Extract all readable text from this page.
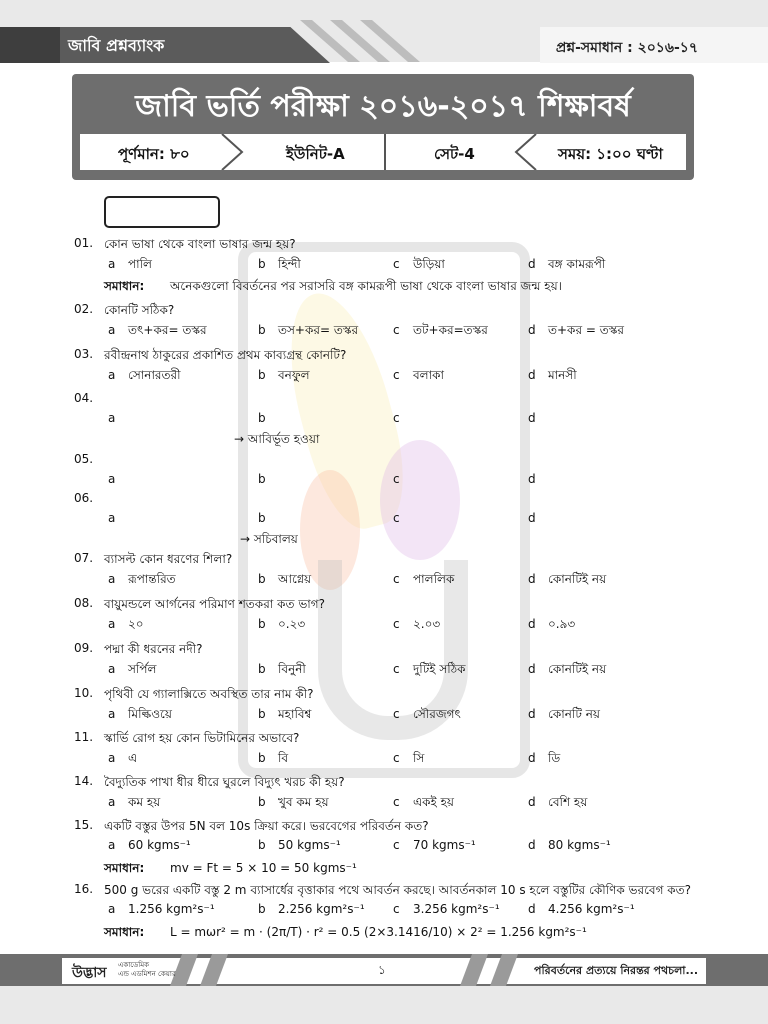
জাবি প্রশ্নব্যাংক	প্রশ্ন-সমাধান : ২০১৬-১৭
জাবি ভর্তি পরীক্ষা ২০১৬-২০১৭ শিক্ষাবর্ষ
পূর্ণমান: ৮০	ইউনিট-A	সেট-4	সময়: ১:০০ ঘণ্টা
01. কোন ভাষা থেকে বাংলা ভাষার জন্ম হয়?
a পালি	b হিন্দী	c উড়িয়া	d বঙ্গ কামরূপী
সমাধান: অনেকগুলো বিবর্তনের পর সরাসরি বঙ্গ কামরূপী ভাষা থেকে বাংলা ভাষার জন্ম হয়।
02. কোনটি সঠিক?
a তৎ+কর= তস্কর	b তস+কর= তস্কর	c তট+কর=তস্কর	d ত+কর = তস্কর
03. রবীন্দ্রনাথ ঠাকুরের প্রকাশিত প্রথম কাব্যগ্রন্থ কোনটি?
a সোনারতরী	b বনফুল	c বলাকা	d মানসী
04.
a	b	c	d
→ আবির্ভূত হওয়া
05.
a	b	c	d
06.
a	b	c	d
→ সচিবালয়
07. ব্যাসল্ট কোন ধরণের শিলা?
a রূপান্তরিত	b আগ্নেয়	c পাললিক	d কোনটিই নয়
08. বায়ুমন্ডলে আর্গনের পরিমাণ শতকরা কত ভাগ?
a ২০	b ০.২৩	c ২.০৩	d ০.৯৩
09. পদ্মা কী ধরনের নদী?
a সর্পিল	b বিনুনী	c দুটিই সঠিক	d কোনটিই নয়
10. পৃথিবী যে গ্যালাক্সিতে অবস্থিত তার নাম কী?
a মিল্কিওয়ে	b মহাবিশ্ব	c সৌরজগৎ	d কোনটি নয়
11. স্কার্ভি রোগ হয় কোন ভিটামিনের অভাবে?
a এ	b বি	c সি	d ডি
14. বৈদ্যুতিক পাখা ধীর ধীরে ঘুরলে বিদ্যুৎ খরচ কী হয়?
a কম হয়	b খুব কম হয়	c একই হয়	d বেশি হয়
15. একটি বস্তুর উপর 5N বল 10s ক্রিয়া করে। ভরবেগের পরিবর্তন কত?
a 60 kgms⁻¹	b 50 kgms⁻¹	c 70 kgms⁻¹	d 80 kgms⁻¹
সমাধান: mv = Ft = 5 × 10 = 50 kgms⁻¹
16. 500 g ভরের একটি বস্তু 2 m ব্যাসার্ধের বৃত্তাকার পথে আবর্তন করছে। আবর্তনকাল 10 s হলে বস্তুটির কৌণিক ভরবেগ কত?
a 1.256 kgm²s⁻¹	b 2.256 kgm²s⁻¹ c 3.256 kgm²s⁻¹ d 4.256 kgm²s⁻¹
সমাধান: L = mωr² = m · (2π/T) · r² = 0.5 (2×3.1416/10) × 2² = 1.256 kgm²s⁻¹
উদ্ভাস একাডেমিক
এন্ড এডমিশন কেয়ার	১	পরিবর্তনের প্রত্যয়ে নিরন্তর পথচলা...
